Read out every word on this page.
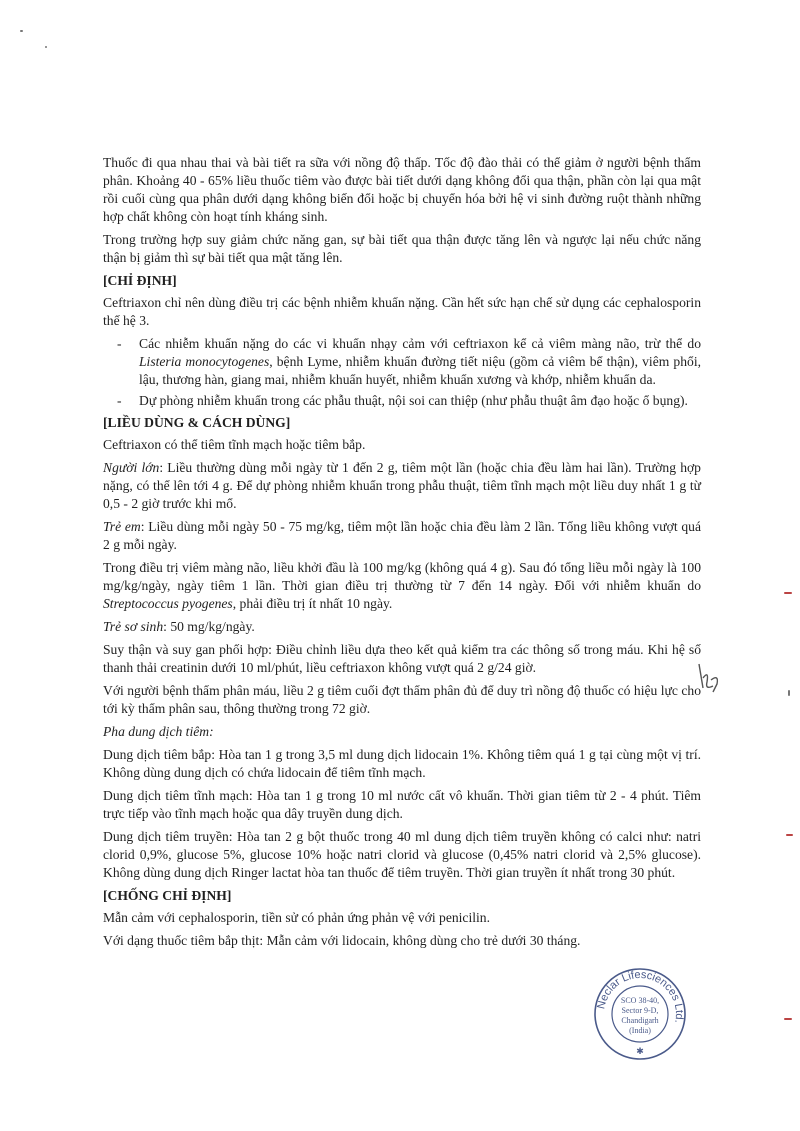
Thuốc đi qua nhau thai và bài tiết ra sữa với nồng độ thấp. Tốc độ đào thải có thể giảm ở người bệnh thẩm phân. Khoảng 40 - 65% liều thuốc tiêm vào được bài tiết dưới dạng không đổi qua thận, phần còn lại qua mật rồi cuối cùng qua phân dưới dạng không biến đổi hoặc bị chuyển hóa bởi hệ vi sinh đường ruột thành những hợp chất không còn hoạt tính kháng sinh.

Trong trường hợp suy giảm chức năng gan, sự bài tiết qua thận được tăng lên và ngược lại nếu chức năng thận bị giảm thì sự bài tiết qua mật tăng lên.

[CHỈ ĐỊNH]

Ceftriaxon chỉ nên dùng điều trị các bệnh nhiễm khuẩn nặng. Cần hết sức hạn chế sử dụng các cephalosporin thế hệ 3.

- Các nhiễm khuẩn nặng do các vi khuẩn nhạy cảm với ceftriaxon kể cả viêm màng não, trừ thể do Listeria monocytogenes, bệnh Lyme, nhiễm khuẩn đường tiết niệu (gồm cả viêm bể thận), viêm phổi, lậu, thương hàn, giang mai, nhiễm khuẩn huyết, nhiễm khuẩn xương và khớp, nhiễm khuẩn da.
- Dự phòng nhiễm khuẩn trong các phẫu thuật, nội soi can thiệp (như phẫu thuật âm đạo hoặc ổ bụng).

[LIỀU DÙNG & CÁCH DÙNG]

Ceftriaxon có thể tiêm tĩnh mạch hoặc tiêm bắp.

Người lớn: Liều thường dùng mỗi ngày từ 1 đến 2 g, tiêm một lần (hoặc chia đều làm hai lần). Trường hợp nặng, có thể lên tới 4 g. Để dự phòng nhiễm khuẩn trong phẫu thuật, tiêm tĩnh mạch một liều duy nhất 1 g từ 0,5 - 2 giờ trước khi mổ.

Trẻ em: Liều dùng mỗi ngày 50 - 75 mg/kg, tiêm một lần hoặc chia đều làm 2 lần. Tổng liều không vượt quá 2 g mỗi ngày.

Trong điều trị viêm màng não, liều khởi đầu là 100 mg/kg (không quá 4 g). Sau đó tổng liều mỗi ngày là 100 mg/kg/ngày, ngày tiêm 1 lần. Thời gian điều trị thường từ 7 đến 14 ngày. Đối với nhiễm khuẩn do Streptococcus pyogenes, phải điều trị ít nhất 10 ngày.

Trẻ sơ sinh: 50 mg/kg/ngày.

Suy thận và suy gan phối hợp: Điều chỉnh liều dựa theo kết quả kiểm tra các thông số trong máu. Khi hệ số thanh thải creatinin dưới 10 ml/phút, liều ceftriaxon không vượt quá 2 g/24 giờ.

Với người bệnh thẩm phân máu, liều 2 g tiêm cuối đợt thẩm phân đủ để duy trì nồng độ thuốc có hiệu lực cho tới kỳ thẩm phân sau, thông thường trong 72 giờ.

Pha dung dịch tiêm:

Dung dịch tiêm bắp: Hòa tan 1 g trong 3,5 ml dung dịch lidocain 1%. Không tiêm quá 1 g tại cùng một vị trí. Không dùng dung dịch có chứa lidocain để tiêm tĩnh mạch.

Dung dịch tiêm tĩnh mạch: Hòa tan 1 g trong 10 ml nước cất vô khuẩn. Thời gian tiêm từ 2 - 4 phút. Tiêm trực tiếp vào tĩnh mạch hoặc qua dây truyền dung dịch.

Dung dịch tiêm truyền: Hòa tan 2 g bột thuốc trong 40 ml dung dịch tiêm truyền không có calci như: natri clorid 0,9%, glucose 5%, glucose 10% hoặc natri clorid và glucose (0,45% natri clorid và 2,5% glucose). Không dùng dung dịch Ringer lactat hòa tan thuốc để tiêm truyền. Thời gian truyền ít nhất trong 30 phút.

[CHỐNG CHỈ ĐỊNH]

Mẫn cảm với cephalosporin, tiền sử có phản ứng phản vệ với penicilin.

Với dạng thuốc tiêm bắp thịt: Mẫn cảm với lidocain, không dùng cho trẻ dưới 30 tháng.

Neclar Lifesciences Ltd.
SCO 38-40,
Sector 9-D,
Chandigarh
(India)
✱
